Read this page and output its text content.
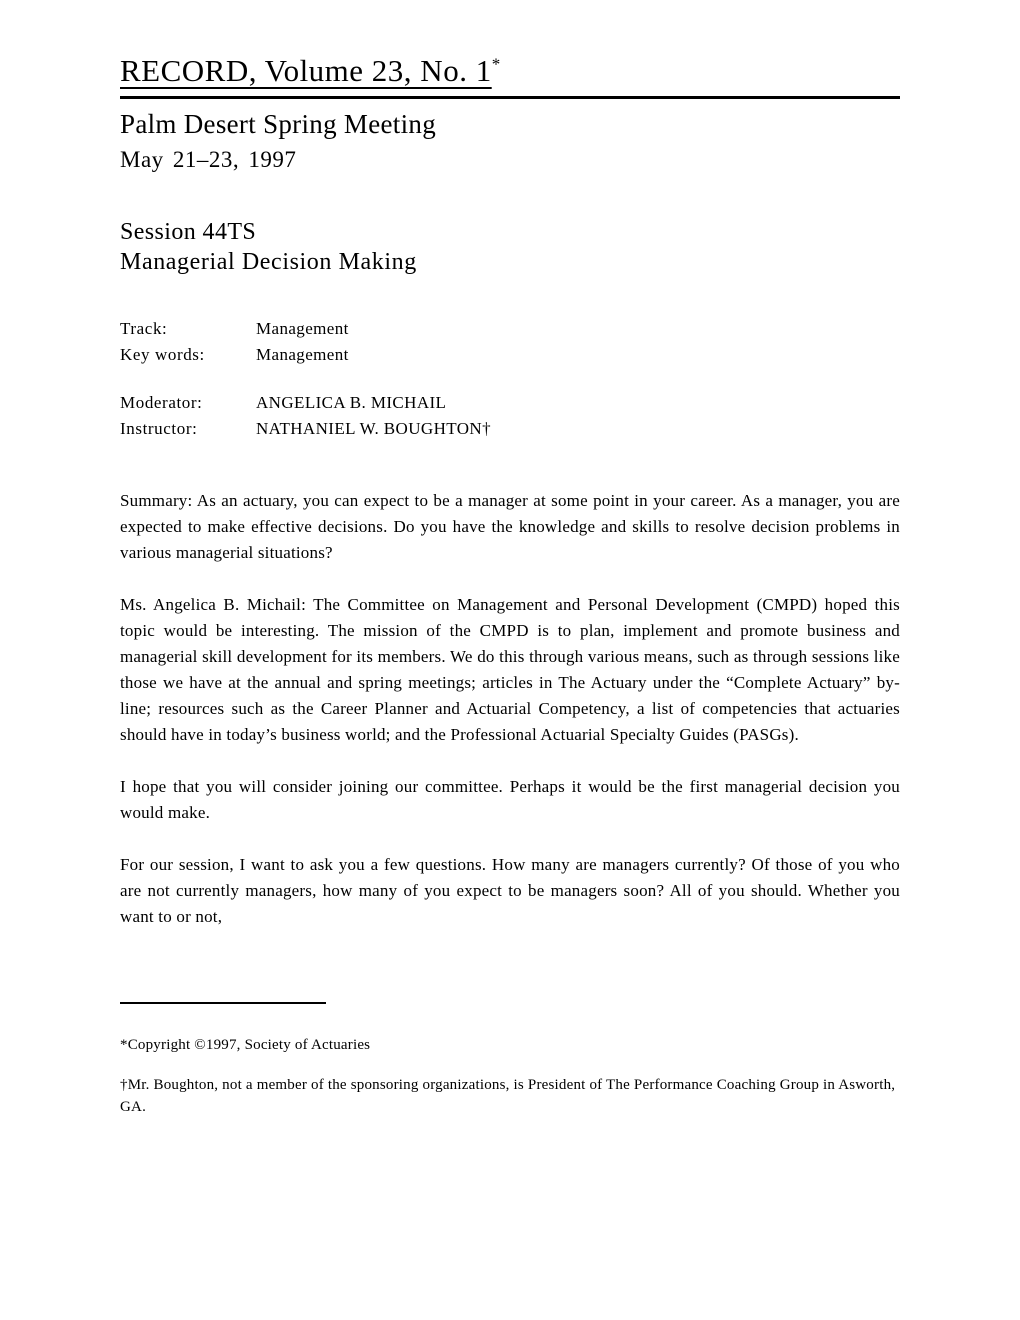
RECORD, Volume 23, No. 1*
Palm Desert Spring Meeting
May 21–23, 1997
Session 44TS
Managerial Decision Making
Track:	Management
Key words:	Management
Moderator:	ANGELICA B. MICHAIL
Instructor:	NATHANIEL W. BOUGHTON†

Summary: As an actuary, you can expect to be a manager at some point in your career. As a manager, you are expected to make effective decisions. Do you have the knowledge and skills to resolve decision problems in various managerial situations?

Ms. Angelica B. Michail: The Committee on Management and Personal Development (CMPD) hoped this topic would be interesting. The mission of the CMPD is to plan, implement and promote business and managerial skill development for its members. We do this through various means, such as through sessions like those we have at the annual and spring meetings; articles in The Actuary under the “Complete Actuary” by-line; resources such as the Career Planner and Actuarial Competency, a list of competencies that actuaries should have in today’s business world; and the Professional Actuarial Specialty Guides (PASGs).

I hope that you will consider joining our committee. Perhaps it would be the first managerial decision you would make.

For our session, I want to ask you a few questions. How many are managers currently? Of those of you who are not currently managers, how many of you expect to be managers soon? All of you should. Whether you want to or not,

*Copyright ©1997, Society of Actuaries

†Mr. Boughton, not a member of the sponsoring organizations, is President of The Performance Coaching Group in Asworth, GA.
